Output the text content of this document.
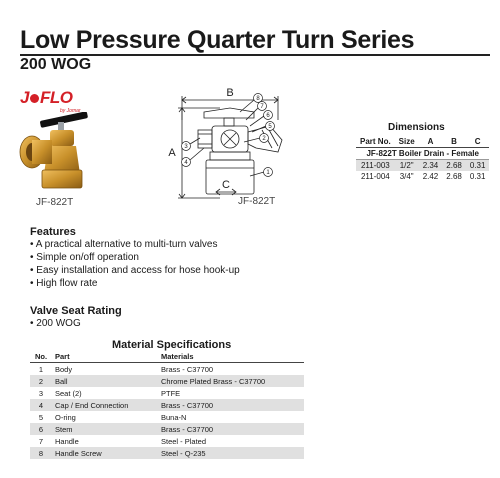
Low Pressure Quarter Turn Series
200 WOG
J FLO
by Jomar
JF-822T
8
7
6
5
2
1
3
4
B
A
C
JF-822T
Dimensions
Part No.	Size	A	B	C
JF-822T Boiler Drain - Female				
211-003	1/2"	2.34	2.68	0.31
211-004	3/4"	2.42	2.68	0.31
Features
• A practical alternative to multi-turn valves
• Simple on/off operation
• Easy installation and access for hose hook-up
• High flow rate
Valve Seat Rating
• 200 WOG
Material Specifications
No.	Part	Materials
1	Body	Brass - C37700
2	Ball	Chrome Plated Brass - C37700
3	Seat (2)	PTFE
4	Cap / End Connection	Brass - C37700
5	O-ring	Buna-N
6	Stem	Brass - C37700
7	Handle	Steel - Plated
8	Handle Screw	Steel - Q-235
